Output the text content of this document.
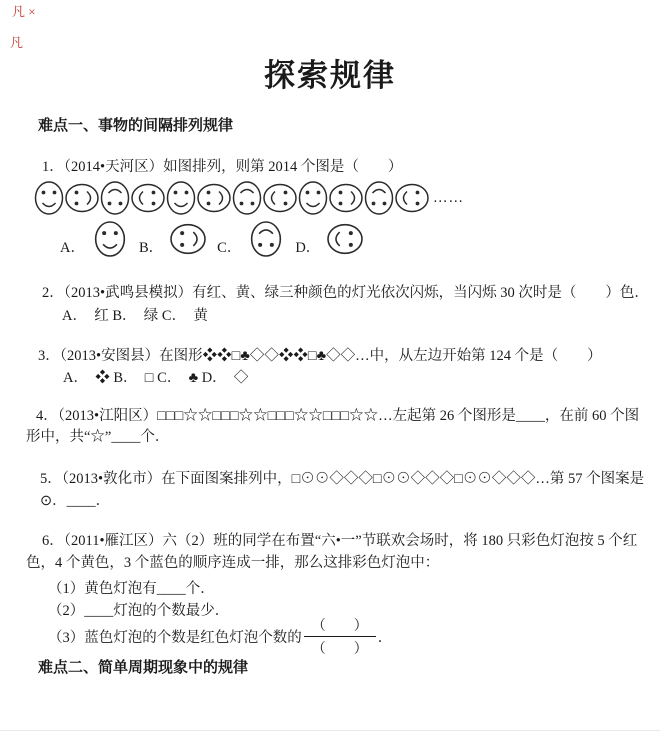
凡 ×
凡
探索规律
难点一、事物的间隔排列规律
1．（2014•天河区）如图排列，则第 2014 个图是（　　）
……
A．	B．	C．	D．
2．（2013•武鸣县模拟）有红、黄、绿三种颜色的灯光依次闪烁，当闪烁 30 次时是（　　）色．
A．　红 B．　绿 C．　黄
3．（2013•安图县）在图形❖❖□♣◇◇❖❖□♣◇◇…中，从左边开始第 124 个是（　　）
A．　❖ B．　□ C．　♣ D．　◇
4．（2013•江阳区）□□□☆☆□□□☆☆□□□☆☆□□□☆☆…左起第 26 个图形是____，在前 60 个图
形中，共“☆”____个．
5．（2013•敦化市）在下面图案排列中，□⊙⊙◇◇◇□⊙⊙◇◇◇□⊙⊙◇◇◇…第 57 个图案是
⊙．____．
6．（2011•雁江区）六（2）班的同学在布置“六•一”节联欢会场时，将 180 只彩色灯泡按 5 个红
色，4 个黄色，3 个蓝色的顺序连成一排，那么这排彩色灯泡中：
（1）黄色灯泡有____个．
（2）____灯泡的个数最少．
（3）蓝色灯泡的个数是红色灯泡个数的 $\frac{( )}{( )}$ ．
难点二、简单周期现象中的规律
